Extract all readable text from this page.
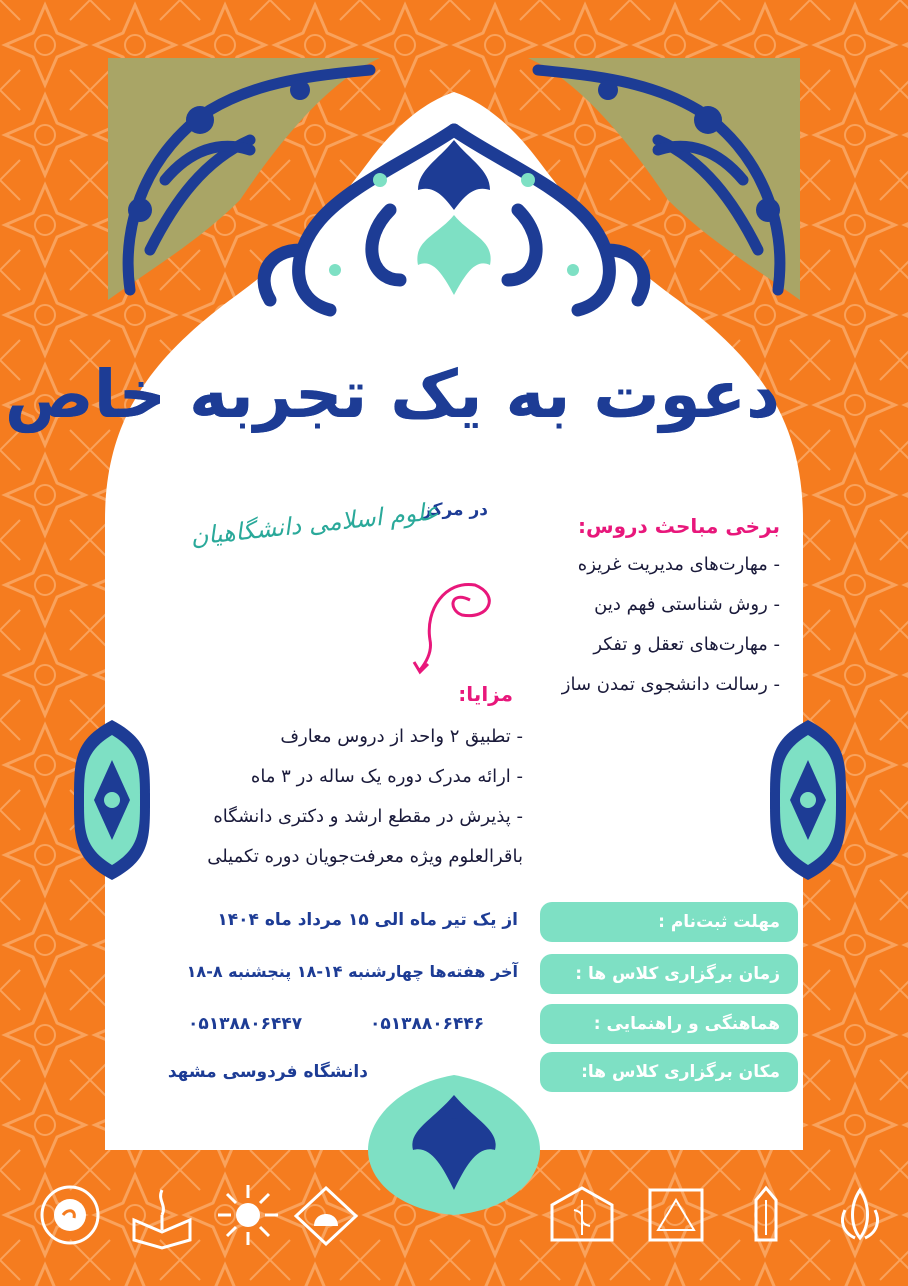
دعوت به یک تجربه خاص
در مرکز
علوم اسلامی دانشگاهیان	برخی مباحث دروس:
- مهارت‌های مدیریت غریزه
- روش شناستی فهم دین
- مهارت‌های تعقل و تفکر
- رسالت دانشجوی تمدن ساز
مزایا:
- تطبیق ۲ واحد از دروس معارف
- ارائه مدرک دوره یک ساله در ۳ ماه
- پذیرش در مقطع ارشد و دکتری دانشگاه
باقرالعلوم ویژه معرفت‌جویان دوره تکمیلی
مهلت ثبت‌نام :
از یک تیر ماه الی ۱۵ مرداد ماه ۱۴۰۴
زمان برگزاری کلاس ها :
آخر هفته‌ها چهارشنبه ۱۴-۱۸ پنجشنبه ۸-۱۸
هماهنگی و راهنمایی :
۰۵۱۳۸۸۰۶۴۴۶
۰۵۱۳۸۸۰۶۴۴۷
مکان برگزاری کلاس ها:
دانشگاه فردوسی مشهد
